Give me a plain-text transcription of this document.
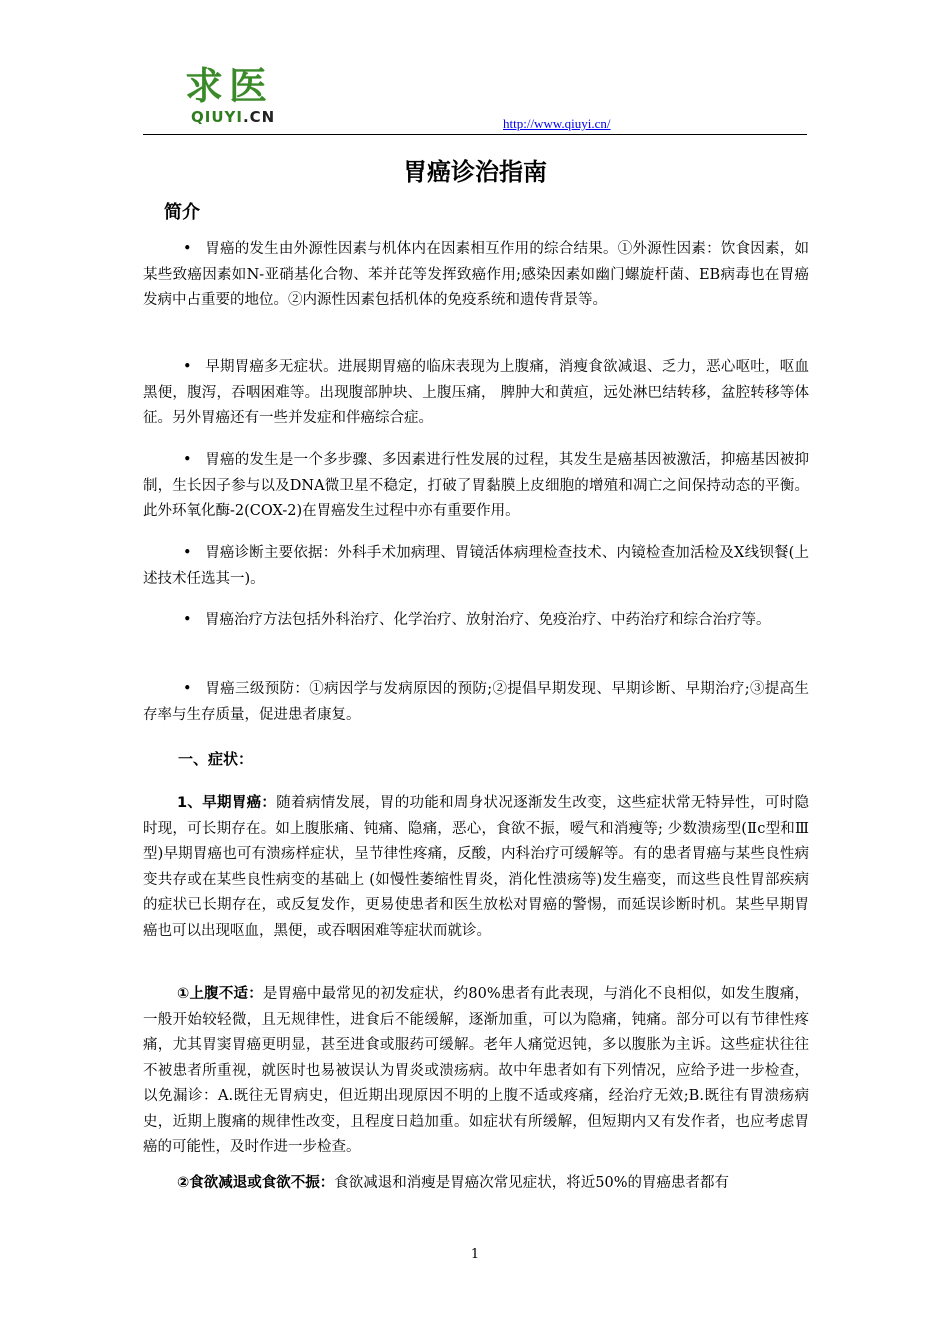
求医
QIUYI.CN	http://www.qiuyi.cn/
胃癌诊治指南
简介
• 胃癌的发生由外源性因素与机体内在因素相互作用的综合结果。①外源性因素：饮食因素，如某些致癌因素如N-亚硝基化合物、苯并芘等发挥致癌作用;感染因素如幽门螺旋杆菌、EB病毒也在胃癌发病中占重要的地位。②内源性因素包括机体的免疫系统和遗传背景等。
• 早期胃癌多无症状。进展期胃癌的临床表现为上腹痛，消瘦食欲减退、乏力，恶心呕吐，呕血黑便，腹泻，吞咽困难等。出现腹部肿块、上腹压痛， 脾肿大和黄疸，远处淋巴结转移，盆腔转移等体征。另外胃癌还有一些并发症和伴癌综合症。
• 胃癌的发生是一个多步骤、多因素进行性发展的过程，其发生是癌基因被激活，抑癌基因被抑制，生长因子参与以及DNA微卫星不稳定，打破了胃黏膜上皮细胞的增殖和凋亡之间保持动态的平衡。此外环氧化酶-2(COX-2)在胃癌发生过程中亦有重要作用。
• 胃癌诊断主要依据：外科手术加病理、胃镜活体病理检查技术、内镜检查加活检及X线钡餐(上述技术任选其一)。
• 胃癌治疗方法包括外科治疗、化学治疗、放射治疗、免疫治疗、中药治疗和综合治疗等。
• 胃癌三级预防：①病因学与发病原因的预防;②提倡早期发现、早期诊断、早期治疗;③提高生存率与生存质量，促进患者康复。
一、症状：
1、早期胃癌：随着病情发展，胃的功能和周身状况逐渐发生改变，这些症状常无特异性，可时隐时现，可长期存在。如上腹胀痛、钝痛、隐痛，恶心，食欲不振，嗳气和消瘦等; 少数溃疡型(Ⅱc型和Ⅲ型)早期胃癌也可有溃疡样症状，呈节律性疼痛，反酸，内科治疗可缓解等。有的患者胃癌与某些良性病变共存或在某些良性病变的基础上 (如慢性萎缩性胃炎，消化性溃疡等)发生癌变，而这些良性胃部疾病的症状已长期存在，或反复发作，更易使患者和医生放松对胃癌的警惕，而延误诊断时机。某些早期胃癌也可以出现呕血，黑便，或吞咽困难等症状而就诊。
①上腹不适：是胃癌中最常见的初发症状，约80%患者有此表现，与消化不良相似，如发生腹痛，一般开始较轻微，且无规律性，进食后不能缓解，逐渐加重，可以为隐痛，钝痛。部分可以有节律性疼痛，尤其胃窦胃癌更明显，甚至进食或服药可缓解。老年人痛觉迟钝，多以腹胀为主诉。这些症状往往不被患者所重视，就医时也易被误认为胃炎或溃疡病。故中年患者如有下列情况，应给予进一步检查，以免漏诊：A.既往无胃病史，但近期出现原因不明的上腹不适或疼痛，经治疗无效;B.既往有胃溃疡病史，近期上腹痛的规律性改变，且程度日趋加重。如症状有所缓解，但短期内又有发作者，也应考虑胃癌的可能性，及时作进一步检查。
②食欲减退或食欲不振：食欲减退和消瘦是胃癌次常见症状，将近50%的胃癌患者都有
1
